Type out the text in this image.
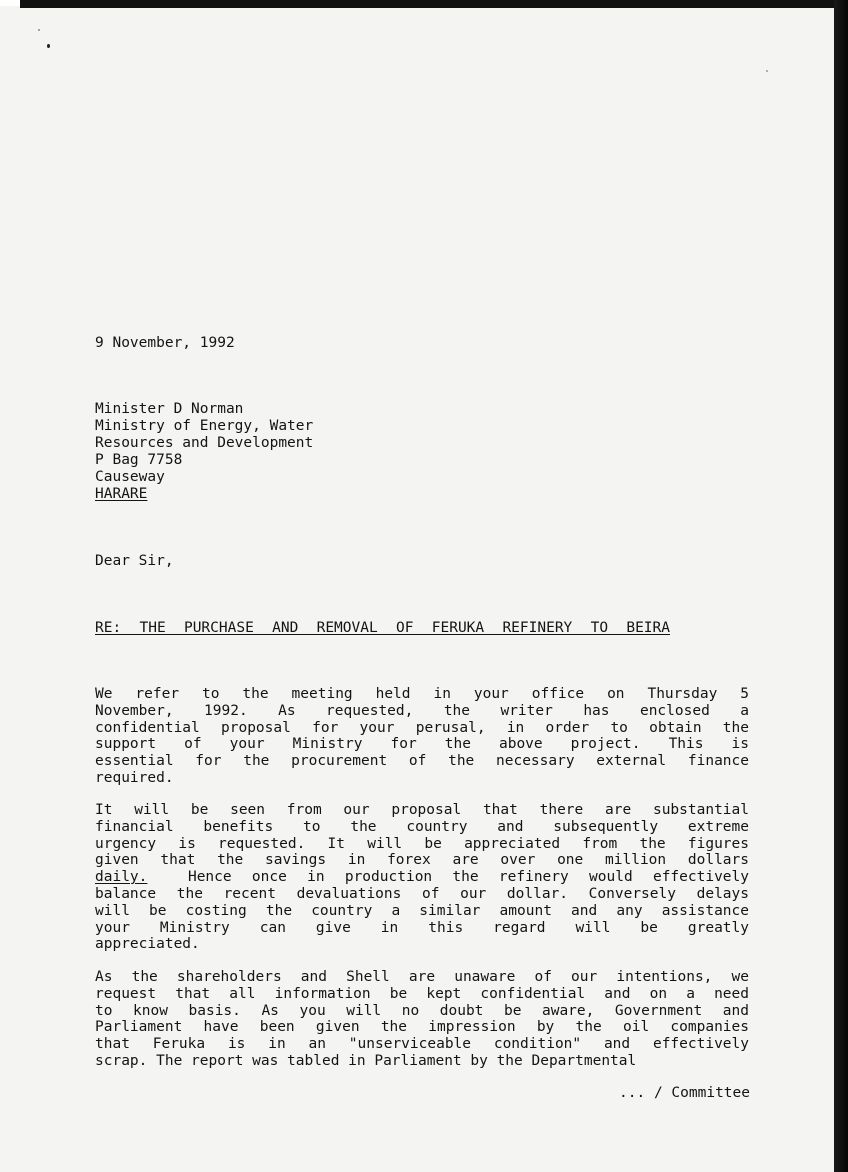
9 November, 1992

Minister D Norman

Ministry of Energy, Water

Resources and Development

P Bag 7758

Causeway

HARARE

Dear Sir,

RE: THE PURCHASE AND REMOVAL OF FERUKA REFINERY TO BEIRA
We refer to the meeting held in your office on Thursday 5
November, 1992. As requested, the writer has enclosed a
confidential proposal for your perusal, in order to obtain the
support of your Ministry for the above project. This is
essential for the procurement of the necessary external finance
required.
It will be seen from our proposal that there are substantial
financial benefits to the country and subsequently extreme
urgency is requested. It will be appreciated from the figures
given that the savings in forex are over one million dollars
daily.	Hence once in production the refinery would effectively
balance the recent devaluations of our dollar. Conversely delays
will be costing the country a similar amount and any assistance
your Ministry can give in this regard will be greatly
appreciated.
As the shareholders and Shell are unaware of our intentions, we
request that all information be kept confidential and on a need
to know basis. As you will no doubt be aware, Government and
Parliament have been given the impression by the oil companies
that Feruka is in an "unserviceable condition" and effectively
scrap. The report was tabled in Parliament by the Departmental
... / Committee
